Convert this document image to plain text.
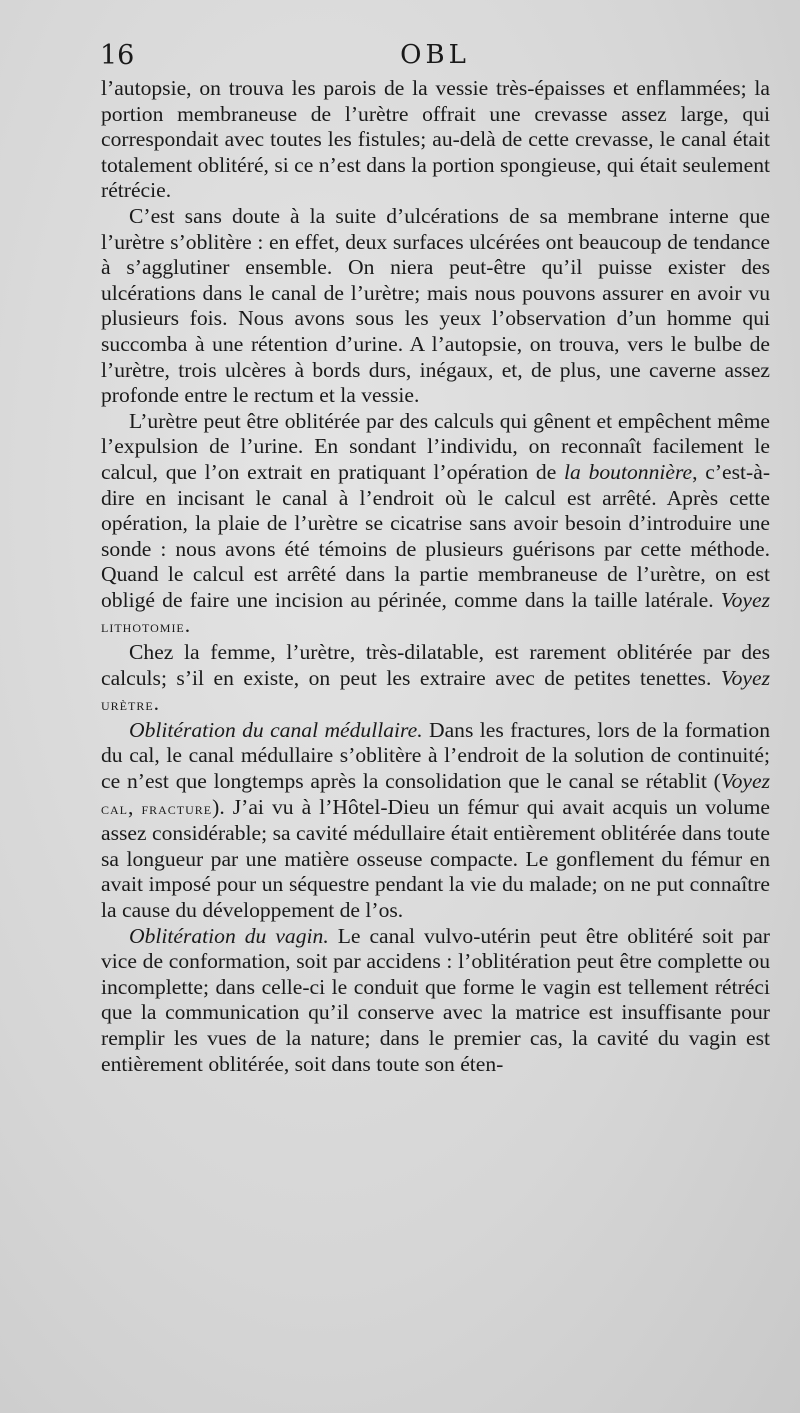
16	OBL

l’autopsie, on trouva les parois de la vessie très-épaisses et enflammées; la portion membraneuse de l’urètre offrait une crevasse assez large, qui correspondait avec toutes les fistules; au-delà de cette crevasse, le canal était totalement oblitéré, si ce n’est dans la portion spongieuse, qui était seulement rétrécie.

C’est sans doute à la suite d’ulcérations de sa membrane interne que l’urètre s’oblitère : en effet, deux surfaces ulcérées ont beaucoup de tendance à s’agglutiner ensemble. On niera peut-être qu’il puisse exister des ulcérations dans le canal de l’urètre; mais nous pouvons assurer en avoir vu plusieurs fois. Nous avons sous les yeux l’observation d’un homme qui succomba à une rétention d’urine. A l’autopsie, on trouva, vers le bulbe de l’urètre, trois ulcères à bords durs, inégaux, et, de plus, une caverne assez profonde entre le rectum et la vessie.

L’urètre peut être oblitérée par des calculs qui gênent et empêchent même l’expulsion de l’urine. En sondant l’individu, on reconnaît facilement le calcul, que l’on extrait en pratiquant l’opération de la boutonnière, c’est-à-dire en incisant le canal à l’endroit où le calcul est arrêté. Après cette opération, la plaie de l’urètre se cicatrise sans avoir besoin d’introduire une sonde : nous avons été témoins de plusieurs guérisons par cette méthode. Quand le calcul est arrêté dans la partie membraneuse de l’urètre, on est obligé de faire une incision au périnée, comme dans la taille latérale. Voyez lithotomie.

Chez la femme, l’urètre, très-dilatable, est rarement oblitérée par des calculs; s’il en existe, on peut les extraire avec de petites tenettes. Voyez urètre.

Oblitération du canal médullaire. Dans les fractures, lors de la formation du cal, le canal médullaire s’oblitère à l’endroit de la solution de continuité; ce n’est que longtemps après la consolidation que le canal se rétablit (Voyez cal, fracture). J’ai vu à l’Hôtel-Dieu un fémur qui avait acquis un volume assez considérable; sa cavité médullaire était entièrement oblitérée dans toute sa longueur par une matière osseuse compacte. Le gonflement du fémur en avait imposé pour un séquestre pendant la vie du malade; on ne put connaître la cause du développement de l’os.

Oblitération du vagin. Le canal vulvo-utérin peut être oblitéré soit par vice de conformation, soit par accidens : l’oblitération peut être complette ou incomplette; dans celle-ci le conduit que forme le vagin est tellement rétréci que la communication qu’il conserve avec la matrice est insuffisante pour remplir les vues de la nature; dans le premier cas, la cavité du vagin est entièrement oblitérée, soit dans toute son éten-
